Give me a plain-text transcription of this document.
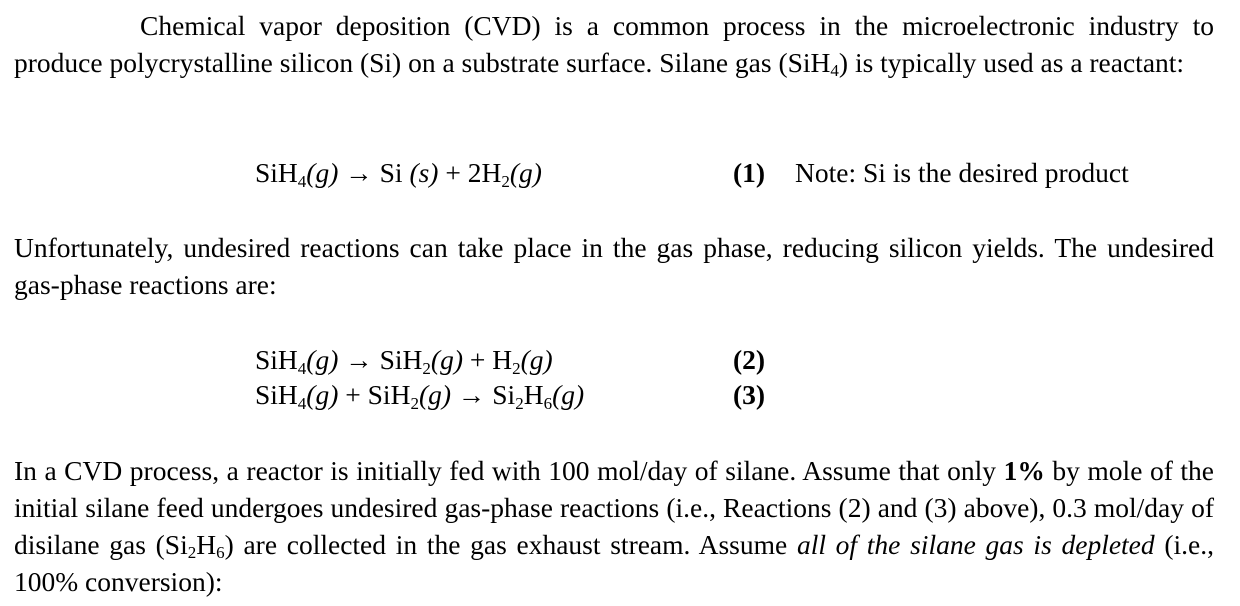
Chemical vapor deposition (CVD) is a common process in the microelectronic industry to produce polycrystalline silicon (Si) on a substrate surface. Silane gas (SiH$_4$) is typically used as a reactant:

SiH$_4$(g) → Si $(s) + 2H_2(g)$	(1) Note: Si is the desired product

Unfortunately, undesired reactions can take place in the gas phase, reducing silicon yields. The undesired gas-phase reactions are:

$SiH_4(g) \to SiH_2(g) + H_2(g)$	(2)
$SiH_4(g) + SiH_2(g) \to Si_2H_6(g)$	(3)

In a CVD process, a reactor is initially fed with 100 mol/day of silane. Assume that only 1% by mole of the initial silane feed undergoes undesired gas-phase reactions (i.e., Reactions (2) and (3) above), 0.3 mol/day of disilane gas $(Si_2H_6)$ are collected in the gas exhaust stream. Assume all of the silane gas is depleted (i.e., 100% conversion):
